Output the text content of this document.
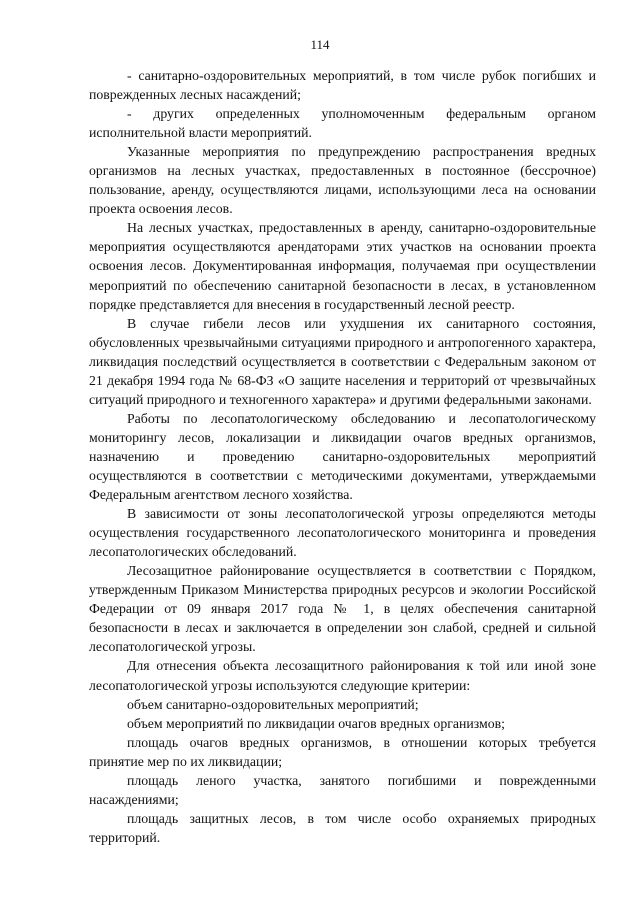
114

- санитарно-оздоровительных мероприятий, в том числе рубок погибших и поврежденных лесных насаждений;

- других определенных уполномоченным федеральным органом исполнительной власти мероприятий.

Указанные мероприятия по предупреждению распространения вредных организмов на лесных участках, предоставленных в постоянное (бессрочное) пользование, аренду, осуществляются лицами, использующими леса на основании проекта освоения лесов.

На лесных участках, предоставленных в аренду, санитарно-оздоровительные мероприятия осуществляются арендаторами этих участков на основании проекта освоения лесов. Документированная информация, получаемая при осуществлении мероприятий по обеспечению санитарной безопасности в лесах, в установленном порядке представляется для внесения в государственный лесной реестр.

В случае гибели лесов или ухудшения их санитарного состояния, обусловленных чрезвычайными ситуациями природного и антропогенного характера, ликвидация последствий осуществляется в соответствии с Федеральным законом от 21 декабря 1994 года № 68-ФЗ «О защите населения и территорий от чрезвычайных ситуаций природного и техногенного характера» и другими федеральными законами.

Работы по лесопатологическому обследованию и лесопатологическому мониторингу лесов, локализации и ликвидации очагов вредных организмов, назначению и проведению санитарно-оздоровительных мероприятий осуществляются в соответствии с методическими документами, утверждаемыми Федеральным агентством лесного хозяйства.

В зависимости от зоны лесопатологической угрозы определяются методы осуществления государственного лесопатологического мониторинга и проведения лесопатологических обследований.

Лесозащитное районирование осуществляется в соответствии с Порядком, утвержденным Приказом Министерства природных ресурсов и экологии Российской Федерации от 09 января 2017 года № 1, в целях обеспечения санитарной безопасности в лесах и заключается в определении зон слабой, средней и сильной лесопатологической угрозы.

Для отнесения объекта лесозащитного районирования к той или иной зоне лесопатологической угрозы используются следующие критерии:

объем санитарно-оздоровительных мероприятий;

объем мероприятий по ликвидации очагов вредных организмов;

площадь очагов вредных организмов, в отношении которых требуется принятие мер по их ликвидации;

площадь леного участка, занятого погибшими и поврежденными насаждениями;

площадь защитных лесов, в том числе особо охраняемых природных территорий.
